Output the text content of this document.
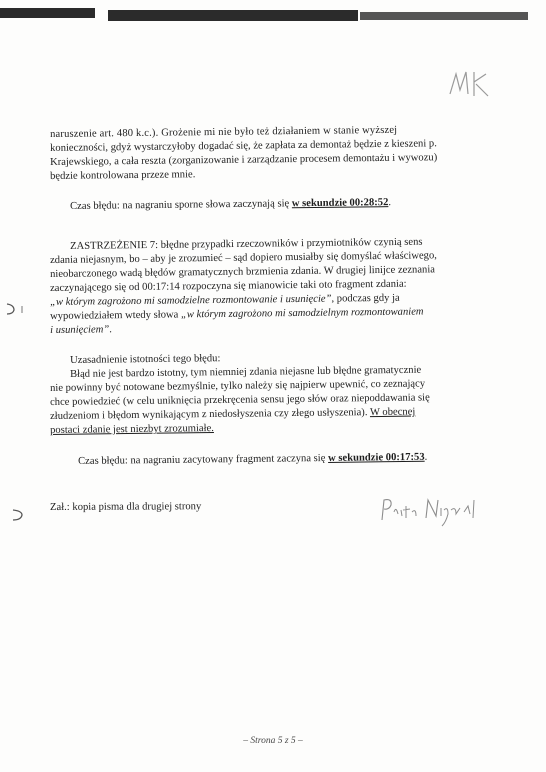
naruszenie art. 480 k.c.). Grożenie mi nie było też działaniem w stanie wyższej
konieczności, gdyż wystarczyłoby dogadać się, że zapłata za demontaż będzie z kieszeni p.
Krajewskiego, a cała reszta (zorganizowanie i zarządzanie procesem demontażu i wywozu)
będzie kontrolowana przeze mnie.
Czas błędu: na nagraniu sporne słowa zaczynają się w sekundzie 00:28:52.
ZASTRZEŻENIE 7: błędne przypadki rzeczowników i przymiotników czynią sens
zdania niejasnym, bo – aby je zrozumieć – sąd dopiero musiałby się domyślać właściwego,
nieobarczonego wadą błędów gramatycznych brzmienia zdania. W drugiej linijce zeznania
zaczynającego się od 00:17:14 rozpoczyna się mianowicie taki oto fragment zdania:
„w którym zagrożono mi samodzielne rozmontowanie i usunięcie”, podczas gdy ja
wypowiedziałem wtedy słowa „w którym zagrożono mi samodzielnym rozmontowaniem
i usunięciem”.
Uzasadnienie istotności tego błędu:
Błąd nie jest bardzo istotny, tym niemniej zdania niejasne lub błędne gramatycznie
nie powinny być notowane bezmyślnie, tylko należy się najpierw upewnić, co zeznający
chce powiedzieć (w celu uniknięcia przekręcenia sensu jego słów oraz niepoddawania się
złudzeniom i błędom wynikającym z niedosłyszenia czy złego usłyszenia). W obecnej
postaci zdanie jest niezbyt zrozumiałe.
Czas błędu: na nagraniu zacytowany fragment zaczyna się w sekundzie 00:17:53.
Zał.: kopia pisma dla drugiej strony
– Strona 5 z 5 –
